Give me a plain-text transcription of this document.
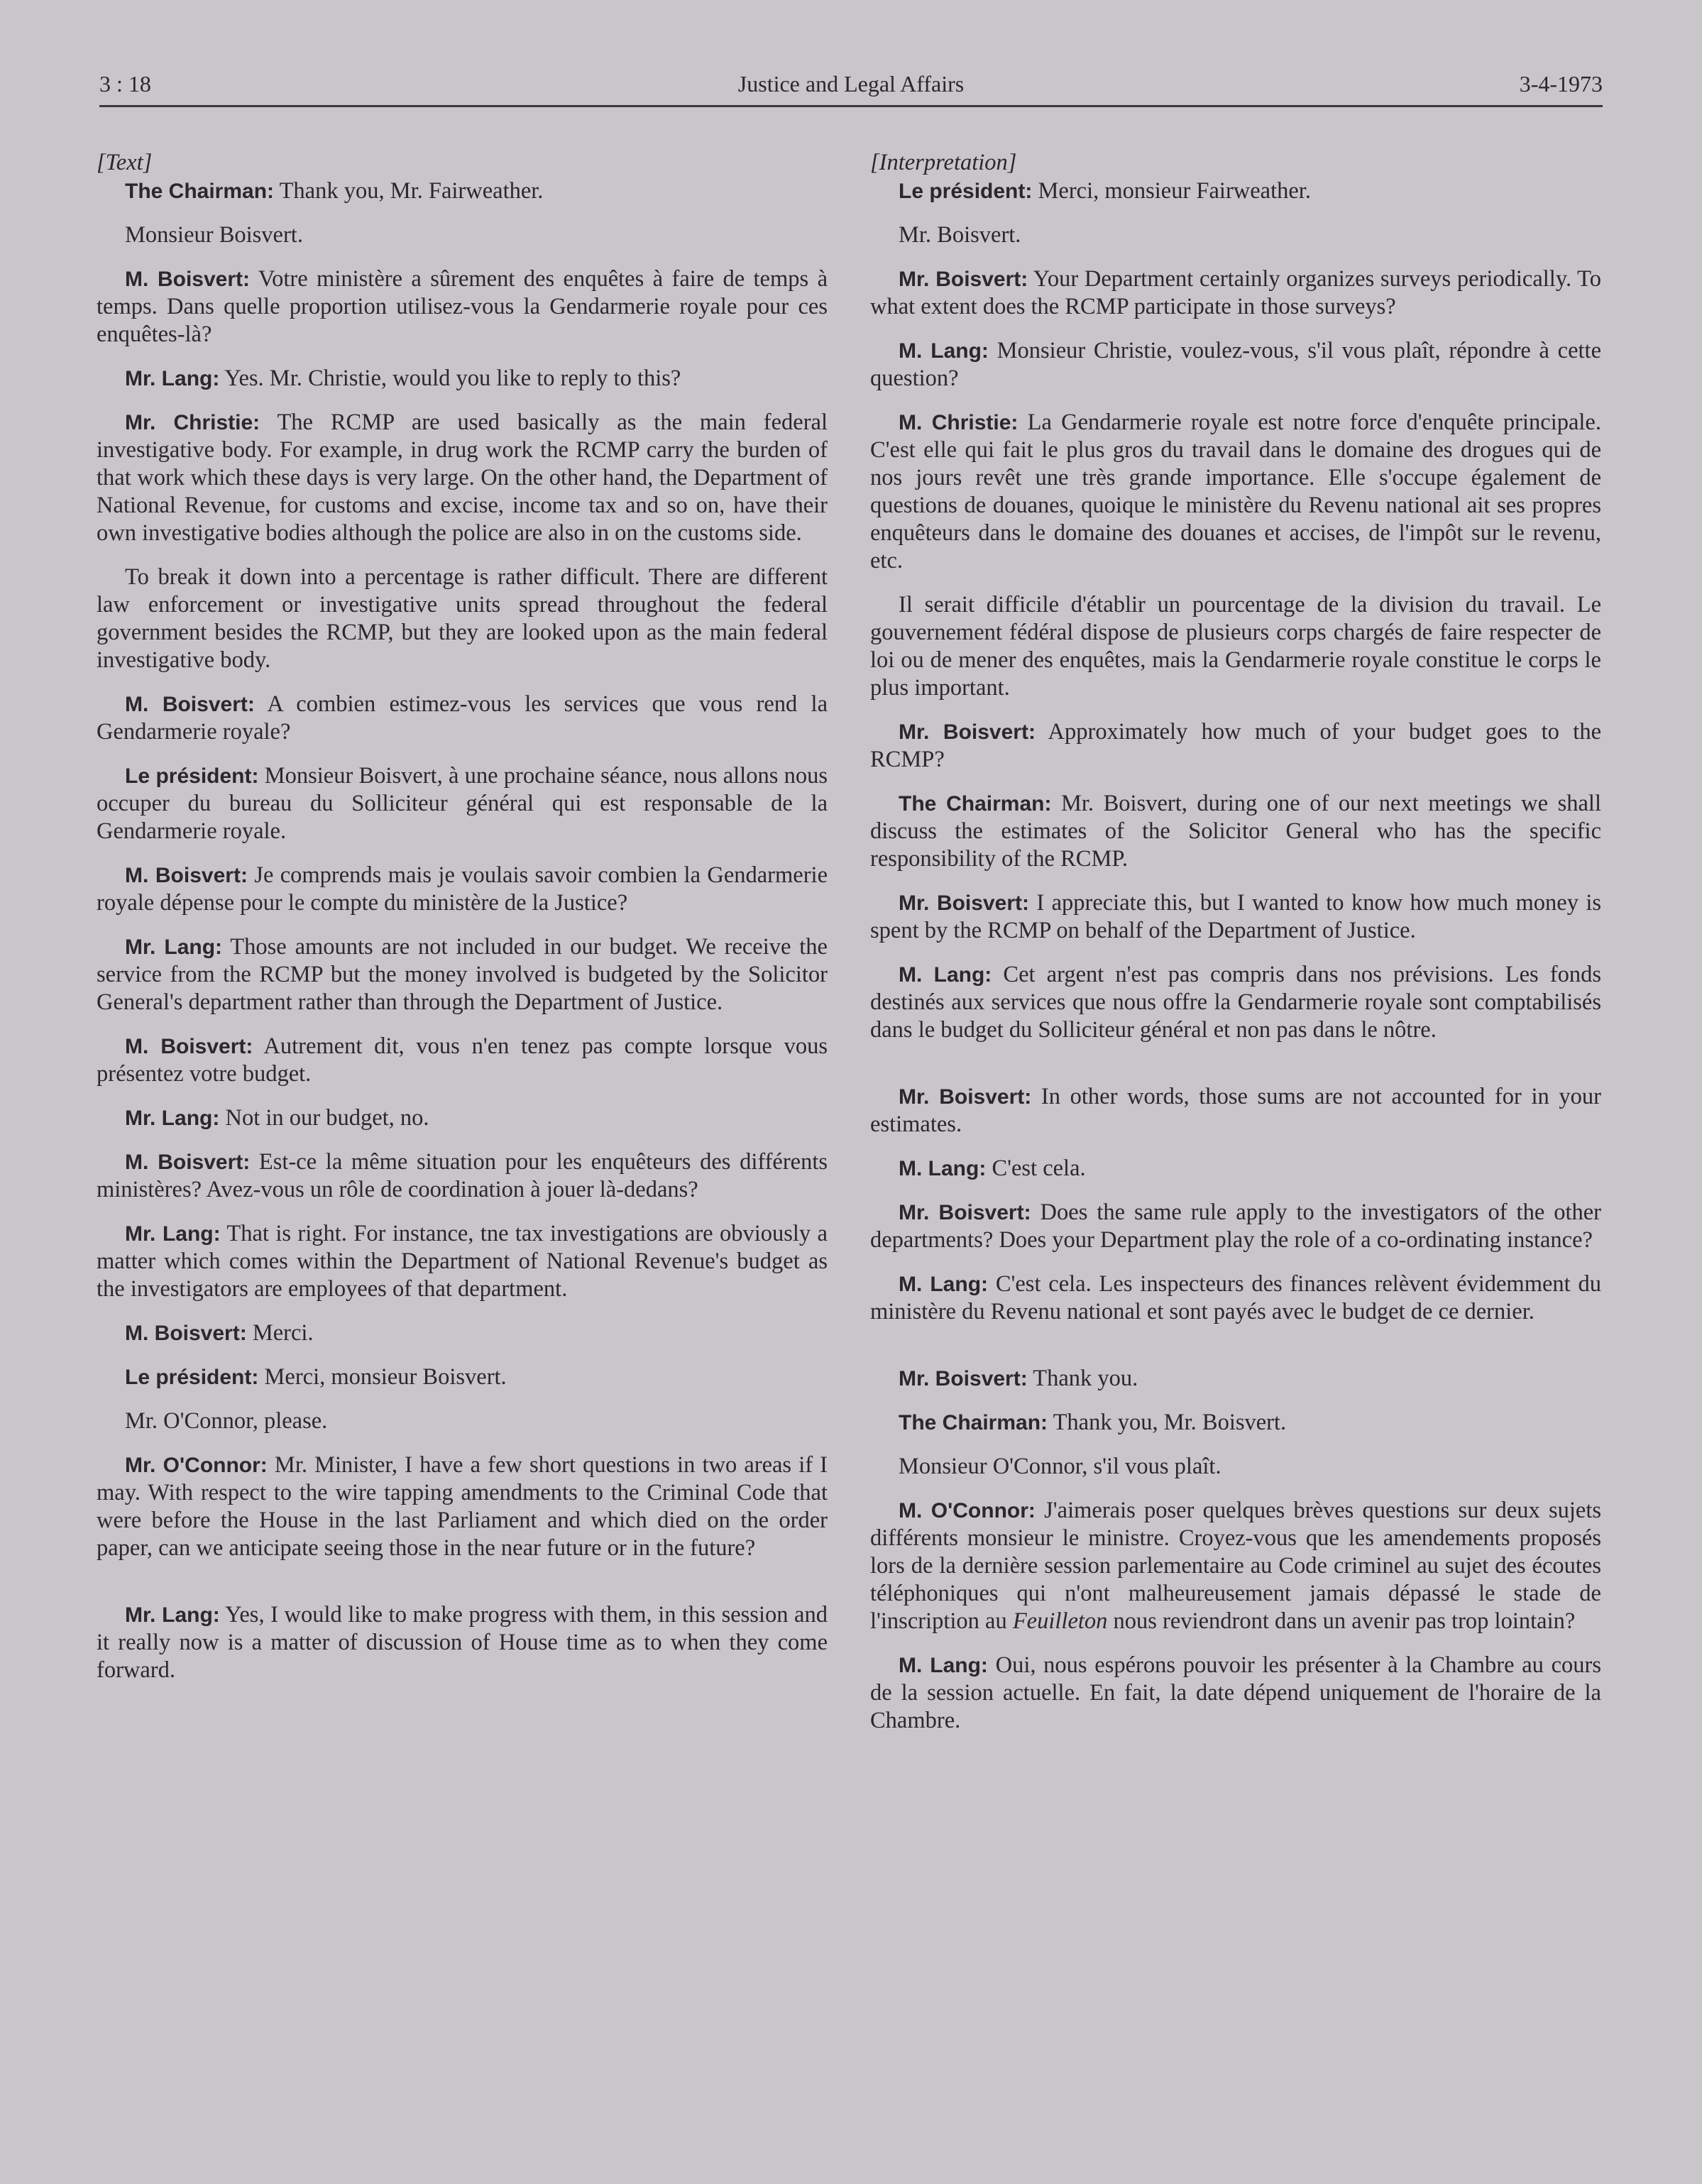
3 : 18	Justice and Legal Affairs	3-4-1973
[Text]

The Chairman: Thank you, Mr. Fairweather.

Monsieur Boisvert.

M. Boisvert: Votre ministère a sûrement des enquêtes à faire de temps à temps. Dans quelle proportion utilisez-vous la Gendarmerie royale pour ces enquêtes-là?

Mr. Lang: Yes. Mr. Christie, would you like to reply to this?

Mr. Christie: The RCMP are used basically as the main federal investigative body. For example, in drug work the RCMP carry the burden of that work which these days is very large. On the other hand, the Department of National Revenue, for customs and excise, income tax and so on, have their own investigative bodies although the police are also in on the customs side.

To break it down into a percentage is rather difficult. There are different law enforcement or investigative units spread throughout the federal government besides the RCMP, but they are looked upon as the main federal investigative body.

M. Boisvert: A combien estimez-vous les services que vous rend la Gendarmerie royale?

Le président: Monsieur Boisvert, à une prochaine séance, nous allons nous occuper du bureau du Solliciteur général qui est responsable de la Gendarmerie royale.

M. Boisvert: Je comprends mais je voulais savoir combien la Gendarmerie royale dépense pour le compte du ministère de la Justice?

Mr. Lang: Those amounts are not included in our budget. We receive the service from the RCMP but the money involved is budgeted by the Solicitor General's department rather than through the Department of Justice.

M. Boisvert: Autrement dit, vous n'en tenez pas compte lorsque vous présentez votre budget.

Mr. Lang: Not in our budget, no.

M. Boisvert: Est-ce la même situation pour les enquêteurs des différents ministères? Avez-vous un rôle de coordination à jouer là-dedans?

Mr. Lang: That is right. For instance, tne tax investigations are obviously a matter which comes within the Department of National Revenue's budget as the investigators are employees of that department.

M. Boisvert: Merci.

Le président: Merci, monsieur Boisvert.

Mr. O'Connor, please.

Mr. O'Connor: Mr. Minister, I have a few short questions in two areas if I may. With respect to the wire tapping amendments to the Criminal Code that were before the House in the last Parliament and which died on the order paper, can we anticipate seeing those in the near future or in the future?

Mr. Lang: Yes, I would like to make progress with them, in this session and it really now is a matter of discussion of House time as to when they come forward.

[Interpretation]

Le président: Merci, monsieur Fairweather.

Mr. Boisvert.

Mr. Boisvert: Your Department certainly organizes surveys periodically. To what extent does the RCMP participate in those surveys?

M. Lang: Monsieur Christie, voulez-vous, s'il vous plaît, répondre à cette question?

M. Christie: La Gendarmerie royale est notre force d'enquête principale. C'est elle qui fait le plus gros du travail dans le domaine des drogues qui de nos jours revêt une très grande importance. Elle s'occupe également de questions de douanes, quoique le ministère du Revenu national ait ses propres enquêteurs dans le domaine des douanes et accises, de l'impôt sur le revenu, etc.

Il serait difficile d'établir un pourcentage de la division du travail. Le gouvernement fédéral dispose de plusieurs corps chargés de faire respecter de loi ou de mener des enquêtes, mais la Gendarmerie royale constitue le corps le plus important.

Mr. Boisvert: Approximately how much of your budget goes to the RCMP?

The Chairman: Mr. Boisvert, during one of our next meetings we shall discuss the estimates of the Solicitor General who has the specific responsibility of the RCMP.

Mr. Boisvert: I appreciate this, but I wanted to know how much money is spent by the RCMP on behalf of the Department of Justice.

M. Lang: Cet argent n'est pas compris dans nos prévisions. Les fonds destinés aux services que nous offre la Gendarmerie royale sont comptabilisés dans le budget du Solliciteur général et non pas dans le nôtre.

Mr. Boisvert: In other words, those sums are not accounted for in your estimates.

M. Lang: C'est cela.

Mr. Boisvert: Does the same rule apply to the investigators of the other departments? Does your Department play the role of a co-ordinating instance?

M. Lang: C'est cela. Les inspecteurs des finances relèvent évidemment du ministère du Revenu national et sont payés avec le budget de ce dernier.

Mr. Boisvert: Thank you.

The Chairman: Thank you, Mr. Boisvert.

Monsieur O'Connor, s'il vous plaît.

M. O'Connor: J'aimerais poser quelques brèves questions sur deux sujets différents monsieur le ministre. Croyez-vous que les amendements proposés lors de la dernière session parlementaire au Code criminel au sujet des écoutes téléphoniques qui n'ont malheureusement jamais dépassé le stade de l'inscription au Feuilleton nous reviendront dans un avenir pas trop lointain?

M. Lang: Oui, nous espérons pouvoir les présenter à la Chambre au cours de la session actuelle. En fait, la date dépend uniquement de l'horaire de la Chambre.
